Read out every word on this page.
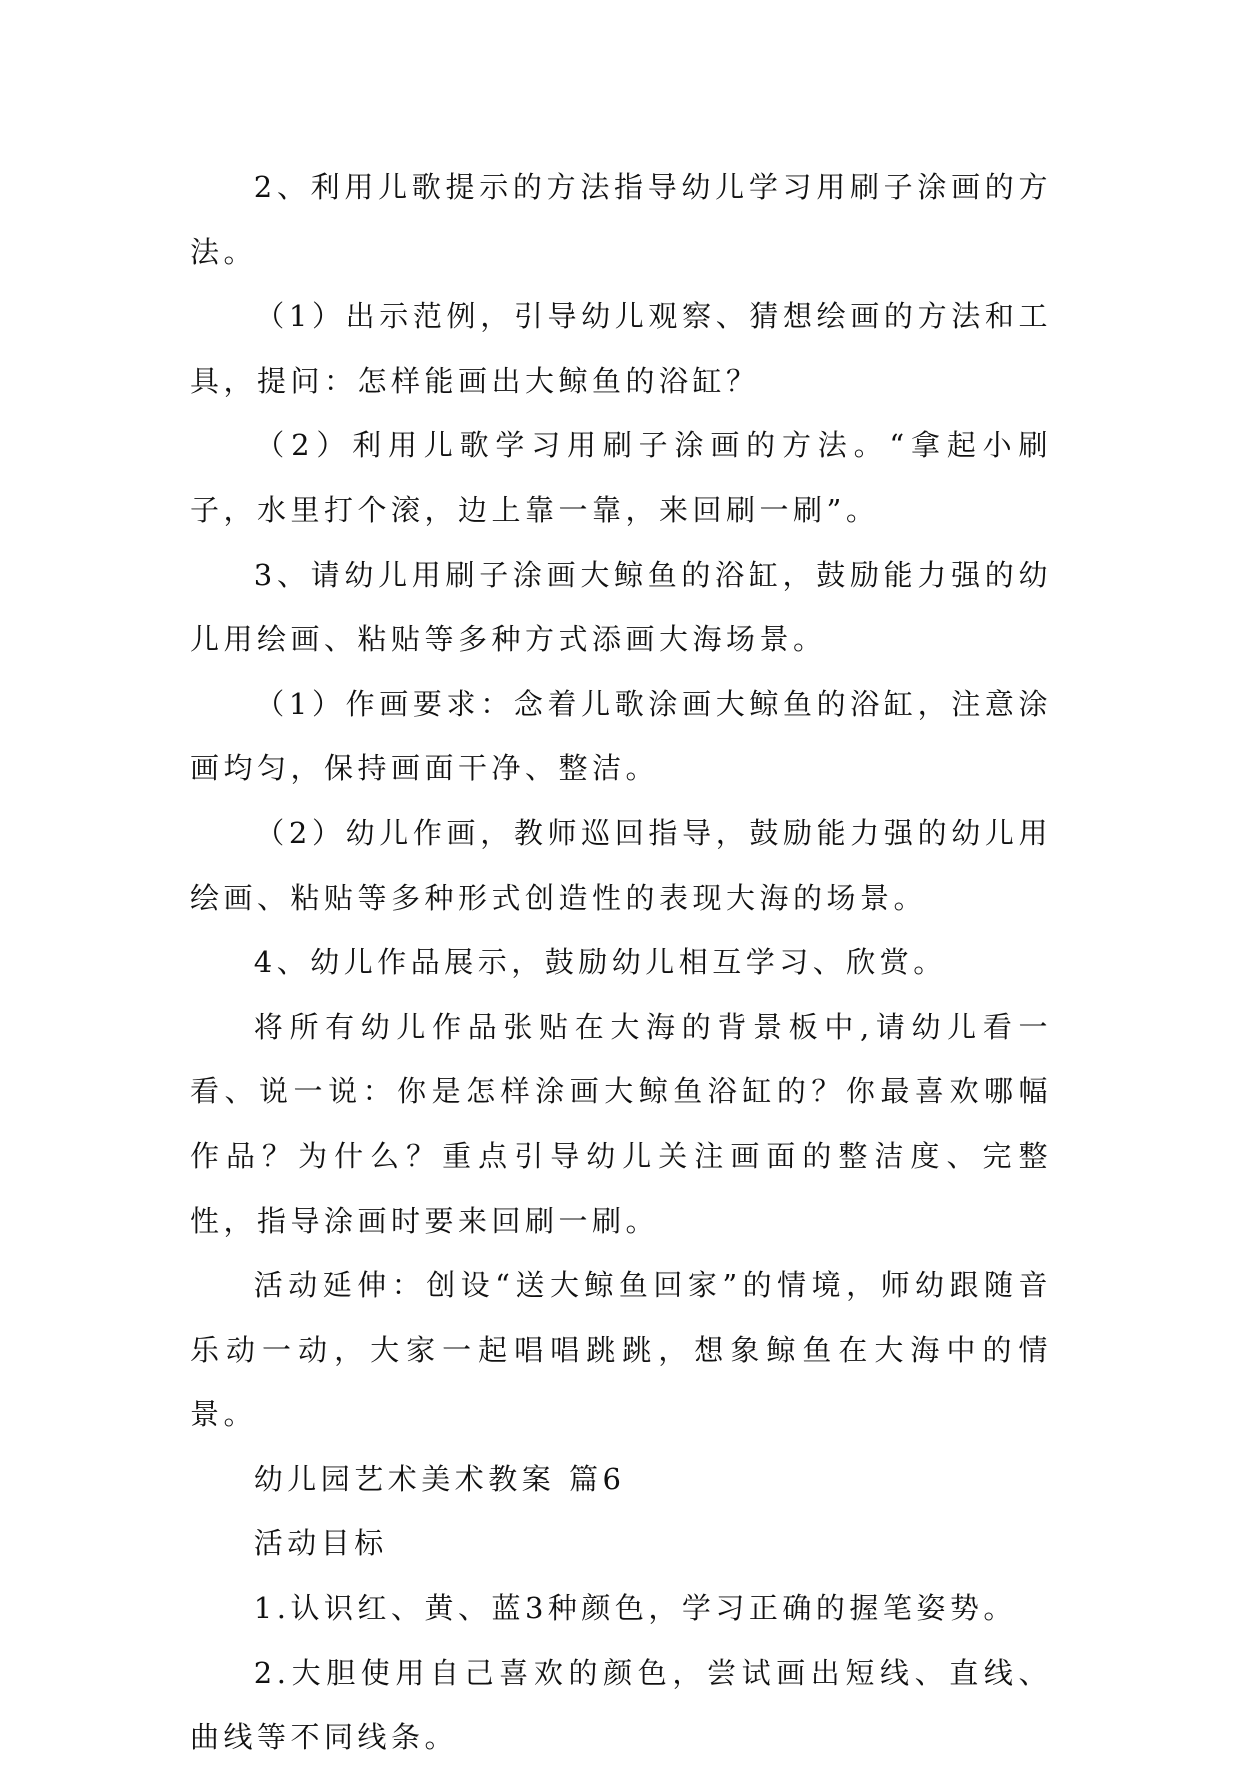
2、利用儿歌提示的方法指导幼儿学习用刷子涂画的方法。

（1）出示范例，引导幼儿观察、猜想绘画的方法和工具，提问：怎样能画出大鲸鱼的浴缸？

（2）利用儿歌学习用刷子涂画的方法。“拿起小刷子，水里打个滚，边上靠一靠，来回刷一刷”。

3、请幼儿用刷子涂画大鲸鱼的浴缸，鼓励能力强的幼儿用绘画、粘贴等多种方式添画大海场景。

（1）作画要求：念着儿歌涂画大鲸鱼的浴缸，注意涂画均匀，保持画面干净、整洁。

（2）幼儿作画，教师巡回指导，鼓励能力强的幼儿用绘画、粘贴等多种形式创造性的表现大海的场景。

4、幼儿作品展示，鼓励幼儿相互学习、欣赏。

将所有幼儿作品张贴在大海的背景板中,请幼儿看一看、说一说：你是怎样涂画大鲸鱼浴缸的？你最喜欢哪幅作品？为什么？重点引导幼儿关注画面的整洁度、完整性，指导涂画时要来回刷一刷。

活动延伸：创设“送大鲸鱼回家”的情境，师幼跟随音乐动一动，大家一起唱唱跳跳，想象鲸鱼在大海中的情景。

幼儿园艺术美术教案 篇6

活动目标

1.认识红、黄、蓝3种颜色，学习正确的握笔姿势。

2.大胆使用自己喜欢的颜色，尝试画出短线、直线、曲线等不同线条。
